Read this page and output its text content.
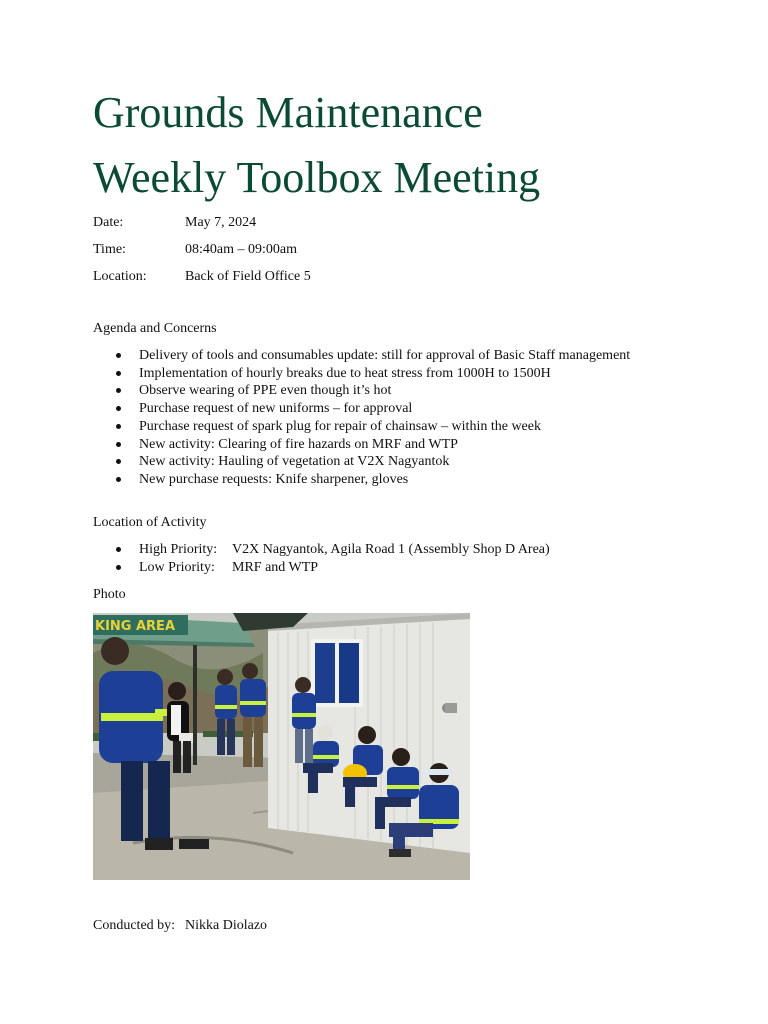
Grounds Maintenance
Weekly Toolbox Meeting
Date:	May 7, 2024
Time:	08:40am – 09:00am
Location:	Back of Field Office 5
Agenda and Concerns
Delivery of tools and consumables update: still for approval of Basic Staff management
Implementation of hourly breaks due to heat stress from 1000H to 1500H
Observe wearing of PPE even though it’s hot
Purchase request of new uniforms – for approval
Purchase request of spark plug for repair of chainsaw – within the week
New activity: Clearing of fire hazards on MRF and WTP
New activity: Hauling of vegetation at V2X Nagyantok
New purchase requests: Knife sharpener, gloves
Location of Activity
High Priority: V2X Nagyantok, Agila Road 1 (Assembly Shop D Area)
Low Priority: MRF and WTP
Photo
KING AREA
Conducted by: Nikka Diolazo
